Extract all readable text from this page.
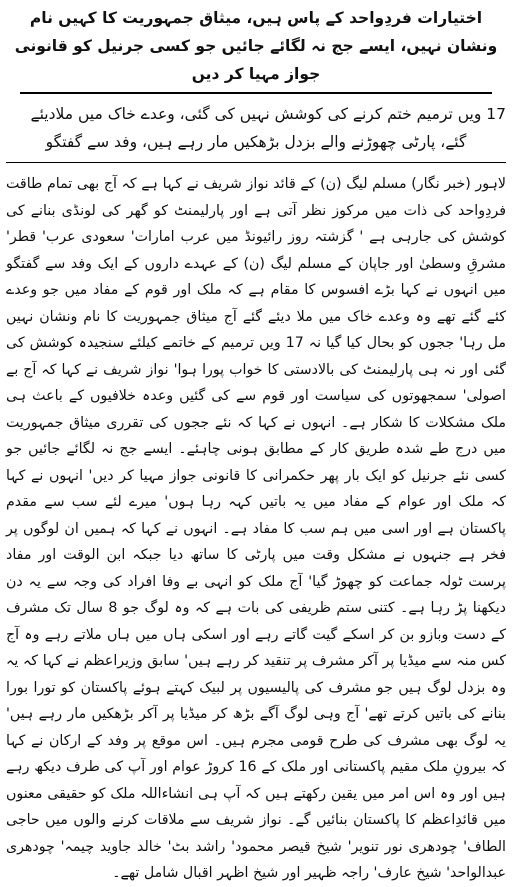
اختیارات فردِواحد کے پاس ہیں، میثاق جمہوریت کا کہیں نام ونشان نہیں، ایسے جج نہ لگائے جائیں جو کسی جرنیل کو قانونی جواز مہیا کر دیں

17 ویں ترمیم ختم کرنے کی کوشش نہیں کی گئی، وعدے خاک میں ملادیئے گئے، پارٹی چھوڑنے والے بزدل بڑھکیں مار رہے ہیں، وفد سے گفتگو

لاہور (خبر نگار) مسلم لیگ (ن) کے قائد نواز شریف نے کہا ہے کہ آج بھی تمام طاقت فردِواحد کی ذات میں مرکوز نظر آتی ہے اور پارلیمنٹ کو گھر کی لونڈی بنانے کی کوشش کی جارہی ہے ' گزشتہ روز رائیونڈ میں عرب امارات' سعودی عرب' قطر' مشرقِ وسطیٰ اور جاپان کے مسلم لیگ (ن) کے عہدے داروں کے ایک وفد سے گفتگو میں انہوں نے کہا بڑے افسوس کا مقام ہے کہ ملک اور قوم کے مفاد میں جو وعدے کئے گئے تھے وہ وعدے خاک میں ملا دیئے گئے آج میثاق جمہوریت کا نام ونشان نہیں مل رہا' ججوں کو بحال کیا گیا نہ 17 ویں ترمیم کے خاتمے کیلئے سنجیدہ کوشش کی گئی اور نہ ہی پارلیمنٹ کی بالادستی کا خواب پورا ہوا' نواز شریف نے کہا کہ آج بے اصولی' سمجھوتوں کی سیاست اور قوم سے کی گئیں وعدہ خلافیوں کے باعث ہی ملک مشکلات کا شکار ہے۔ انہوں نے کہا کہ نئے ججوں کی تقرری میثاق جمہوریت میں درج طے شدہ طریق کار کے مطابق ہونی چاہئے۔ ایسے جج نہ لگائے جائیں جو کسی نئے جرنیل کو ایک بار پھر حکمرانی کا قانونی جواز مہیا کر دیں' انہوں نے کہا کہ ملک اور عوام کے مفاد میں یہ باتیں کہہ رہا ہوں' میرے لئے سب سے مقدم پاکستان ہے اور اسی میں ہم سب کا مفاد ہے۔ انہوں نے کہا کہ ہمیں ان لوگوں پر فخر ہے جنہوں نے مشکل وقت میں پارٹی کا ساتھ دیا جبکہ ابن الوقت اور مفاد پرست ٹولہ جماعت کو چھوڑ گیا' آج ملک کو انہی بے وفا افراد کی وجہ سے یہ دن دیکھنا پڑ رہا ہے۔ کتنی ستم ظریفی کی بات ہے کہ وہ لوگ جو 8 سال تک مشرف کے دست وبازو بن کر اسکے گیت گاتے رہے اور اسکی ہاں میں ہاں ملاتے رہے وہ آج کس منہ سے میڈیا پر آکر مشرف پر تنقید کر رہے ہیں' سابق وزیراعظم نے کہا کہ یہ وہ بزدل لوگ ہیں جو مشرف کی پالیسیوں پر لبیک کہتے ہوئے پاکستان کو تورا بورا بنانے کی باتیں کرتے تھے' آج وہی لوگ آگے بڑھ کر میڈیا پر آکر بڑھکیں مار رہے ہیں' یہ لوگ بھی مشرف کی طرح قومی مجرم ہیں۔ اس موقع پر وفد کے ارکان نے کہا کہ بیرونِ ملک مقیم پاکستانی اور ملک کے 16 کروڑ عوام اور آپ کی طرف دیکھ رہے ہیں اور وہ اس امر میں یقین رکھتے ہیں کہ آپ ہی انشاءاللہ ملک کو حقیقی معنوں میں قائدِاعظم کا پاکستان بنائیں گے۔ نواز شریف سے ملاقات کرنے والوں میں حاجی الطاف' چودھری نور تنویر' شیخ قیصر محمود' راشد بٹ' خالد جاوید چیمہ' چودھری عبدالواحد' شیخ عارف' راجہ ظہیر اور شیخ اظہر اقبال شامل تھے۔
